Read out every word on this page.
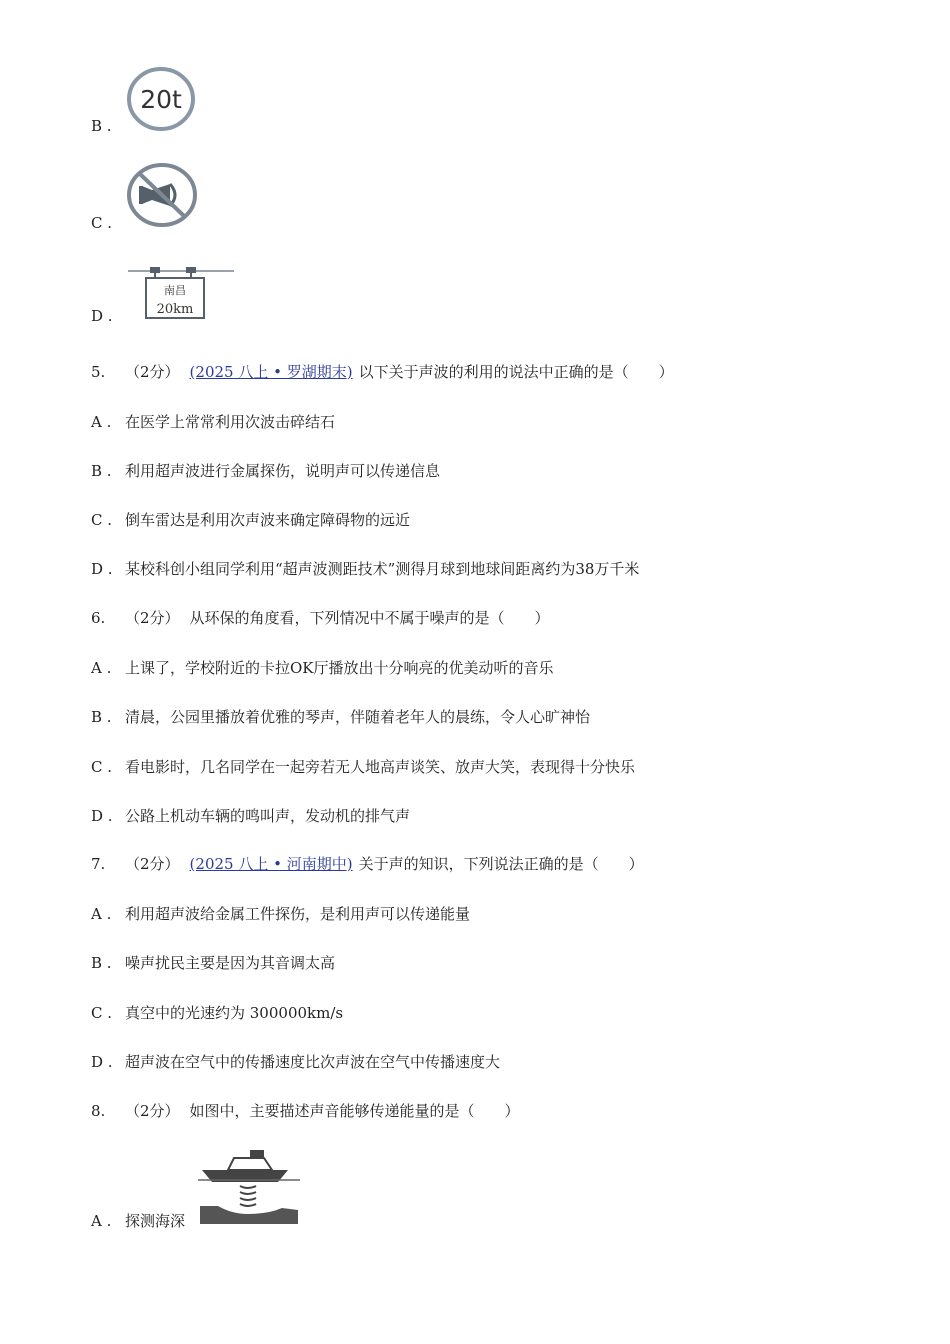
B .
20t
C .
D .
南昌
20km
5. （2分） (2025 八上 • 罗湖期末) 以下关于声波的利用的说法中正确的是（　　）
A . 在医学上常常利用次波击碎结石
B . 利用超声波进行金属探伤，说明声可以传递信息
C . 倒车雷达是利用次声波来确定障碍物的远近
D . 某校科创小组同学利用“超声波测距技术”测得月球到地球间距离约为38万千米
6. （2分） 从环保的角度看，下列情况中不属于噪声的是（　　）
A . 上课了，学校附近的卡拉OK厅播放出十分响亮的优美动听的音乐
B . 清晨，公园里播放着优雅的琴声，伴随着老年人的晨练，令人心旷神怡
C . 看电影时，几名同学在一起旁若无人地高声谈笑、放声大笑，表现得十分快乐
D . 公路上机动车辆的鸣叫声，发动机的排气声
7. （2分） (2025 八上 • 河南期中) 关于声的知识，下列说法正确的是（　　）
A . 利用超声波给金属工件探伤，是利用声可以传递能量
B . 噪声扰民主要是因为其音调太高
C . 真空中的光速约为 300000km/s
D . 超声波在空气中的传播速度比次声波在空气中传播速度大
8. （2分） 如图中，主要描述声音能够传递能量的是（　　）
A . 探测海深
